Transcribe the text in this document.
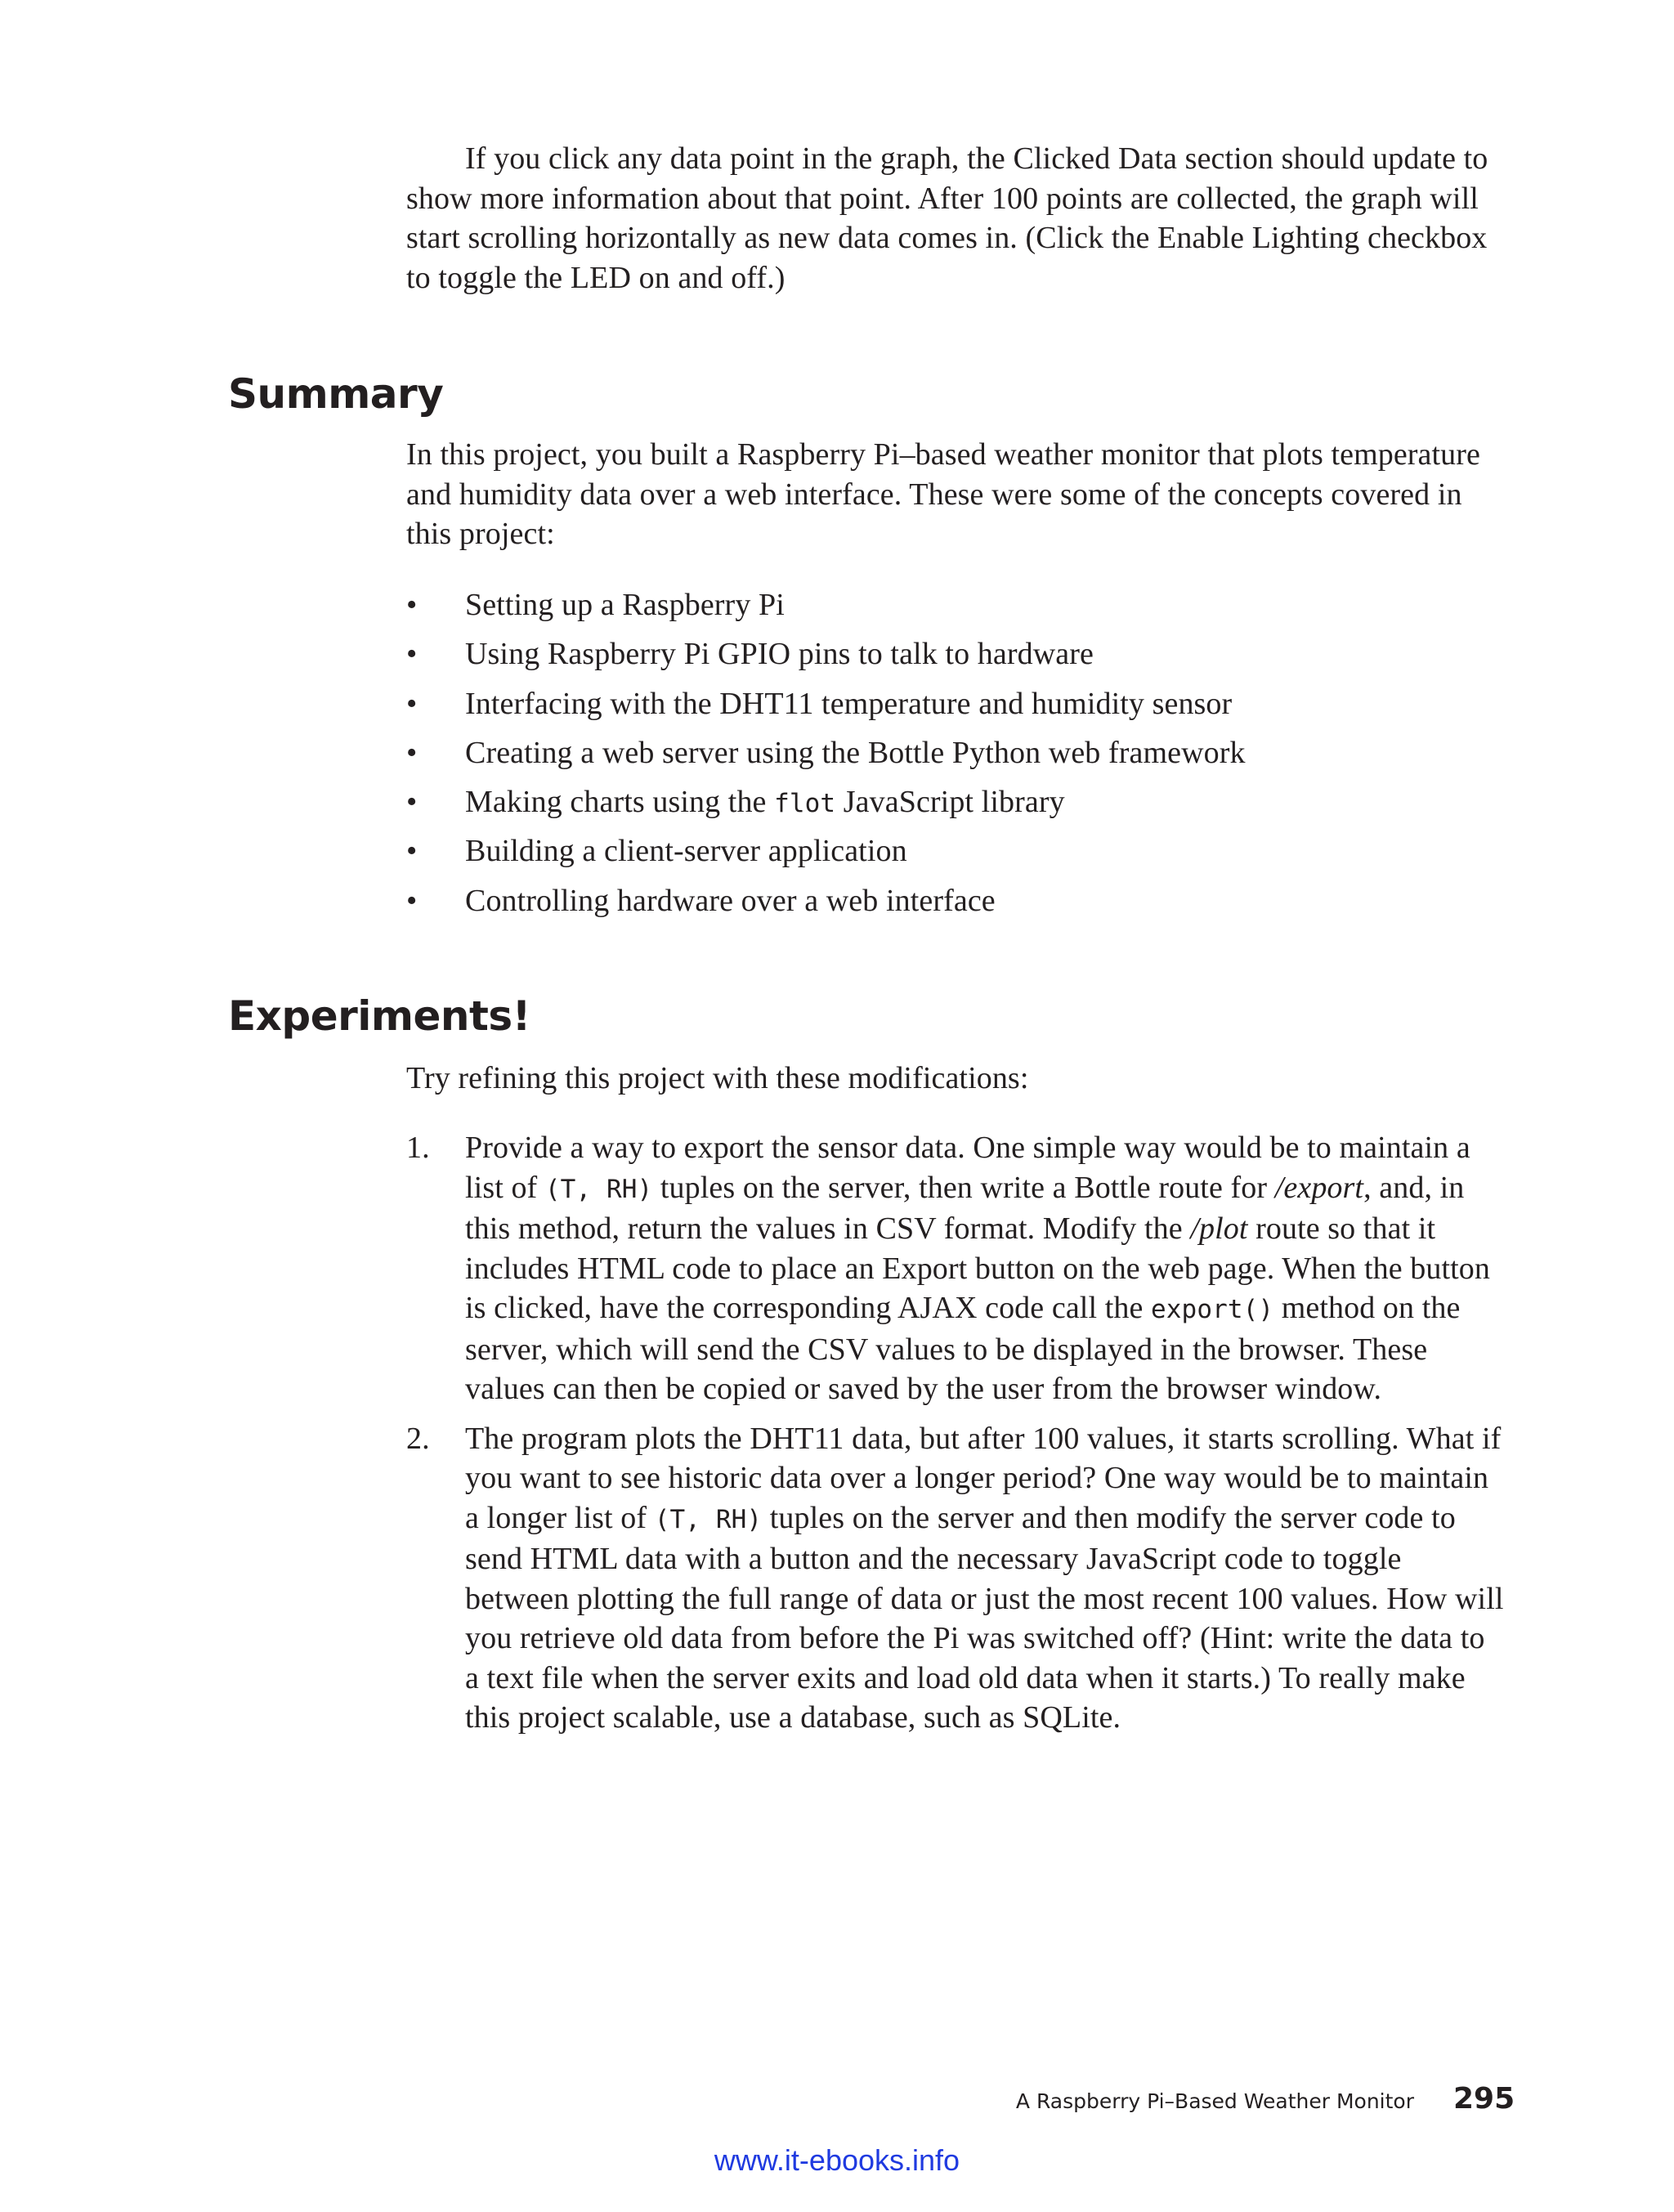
If you click any data point in the graph, the Clicked Data section should update to show more information about that point. After 100 points are collected, the graph will start scrolling horizontally as new data comes in. (Click the Enable Lighting checkbox to toggle the LED on and off.)

Summary

In this project, you built a Raspberry Pi–based weather monitor that plots temperature and humidity data over a web interface. These were some of the concepts covered in this project:

• Setting up a Raspberry Pi
• Using Raspberry Pi GPIO pins to talk to hardware
• Interfacing with the DHT11 temperature and humidity sensor
• Creating a web server using the Bottle Python web framework
• Making charts using the flot JavaScript library
• Building a client-server application
• Controlling hardware over a web interface
Experiments!

Try refining this project with these modifications:

1. Provide a way to export the sensor data. One simple way would be to maintain a list of (T, RH) tuples on the server, then write a Bottle route for /export, and, in this method, return the values in CSV format. Modify the /plot route so that it includes HTML code to place an Export button on the web page. When the button is clicked, have the corresponding AJAX code call the export() method on the server, which will send the CSV values to be displayed in the browser. These values can then be copied or saved by the user from the browser window.
2. The program plots the DHT11 data, but after 100 values, it starts scrolling. What if you want to see historic data over a longer period? One way would be to maintain a longer list of (T, RH) tuples on the server and then modify the server code to send HTML data with a button and the necessary JavaScript code to toggle between plotting the full range of data or just the most recent 100 values. How will you retrieve old data from before the Pi was switched off? (Hint: write the data to a text file when the server exits and load old data when it starts.) To really make this project scalable, use a database, such as SQLite.
A Raspberry Pi–Based Weather Monitor 295
www.it-ebooks.info
